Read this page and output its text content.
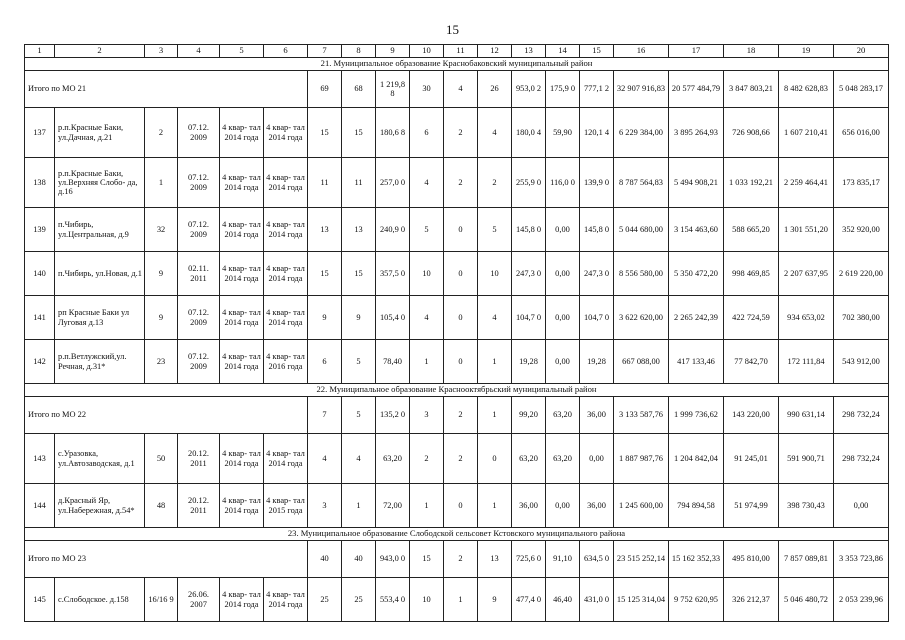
15
1	2	3	4	5	6	7	8	9	10	11	12	13	14	15	16	17	18	19	20
21. Муниципальное образование Краснобаковский муниципальный район																			
Итого по МО 21						69	68	1 219,8 8	30	4	26	953,0 2	175,9 0	777,1 2	32 907 916,83	20 577 484,79	3 847 803,21	8 482 628,83	5 048 283,17
137	р.п.Красные Баки, ул.Дачная, д.21	2	07.12. 2009	4 квар- тал 2014 года	4 квар- тал 2014 года	15	15	180,6 8	6	2	4	180,0 4	59,90	120,1 4	6 229 384,00	3 895 264,93	726 908,66	1 607 210,41	656 016,00
138	р.п.Красные Баки, ул.Верхняя Слобо- да, д.16	1	07.12. 2009	4 квар- тал 2014 года	4 квар- тал 2014 года	11	11	257,0 0	4	2	2	255,9 0	116,0 0	139,9 0	8 787 564,83	5 494 908,21	1 033 192,21	2 259 464,41	173 835,17
139	п.Чибирь, ул.Центральная, д.9	32	07.12. 2009	4 квар- тал 2014 года	4 квар- тал 2014 года	13	13	240,9 0	5	0	5	145,8 0	0,00	145,8 0	5 044 680,00	3 154 463,60	588 665,20	1 301 551,20	352 920,00
140	п.Чибирь, ул.Новая, д.1	9	02.11. 2011	4 квар- тал 2014 года	4 квар- тал 2014 года	15	15	357,5 0	10	0	10	247,3 0	0,00	247,3 0	8 556 580,00	5 350 472,20	998 469,85	2 207 637,95	2 619 220,00
141	рп Красные Баки ул Луговая д.13	9	07.12. 2009	4 квар- тал 2014 года	4 квар- тал 2014 года	9	9	105,4 0	4	0	4	104,7 0	0,00	104,7 0	3 622 620,00	2 265 242,39	422 724,59	934 653,02	702 380,00
142	р.п.Ветлужский,ул. Речная, д.31*	23	07.12. 2009	4 квар- тал 2014 года	4 квар- тал 2016 года	6	5	78,40	1	0	1	19,28	0,00	19,28	667 088,00	417 133,46	77 842,70	172 111,84	543 912,00
22. Муниципальное образование Краснооктябрьский муниципальный район																			
Итого по МО 22						7	5	135,2 0	3	2	1	99,20	63,20	36,00	3 133 587,76	1 999 736,62	143 220,00	990 631,14	298 732,24
143	с.Уразовка, ул.Автозаводская, д.1	50	20.12. 2011	4 квар- тал 2014 года	4 квар- тал 2014 года	4	4	63,20	2	2	0	63,20	63,20	0,00	1 887 987,76	1 204 842,04	91 245,01	591 900,71	298 732,24
144	д.Красный Яр, ул.Набережная, д.54*	48	20.12. 2011	4 квар- тал 2014 года	4 квар- тал 2015 года	3	1	72,00	1	0	1	36,00	0,00	36,00	1 245 600,00	794 894,58	51 974,99	398 730,43	0,00
23. Муниципальное образование Слободской сельсовет Кстовского муниципального района																			
Итого по МО 23						40	40	943,0 0	15	2	13	725,6 0	91,10	634,5 0	23 515 252,14	15 162 352,33	495 810,00	7 857 089,81	3 353 723,86
145	с.Слободское. д.158	16/16 9	26.06. 2007	4 квар- тал 2014 года	4 квар- тал 2014 года	25	25	553,4 0	10	1	9	477,4 0	46,40	431,0 0	15 125 314,04	9 752 620,95	326 212,37	5 046 480,72	2 053 239,96
